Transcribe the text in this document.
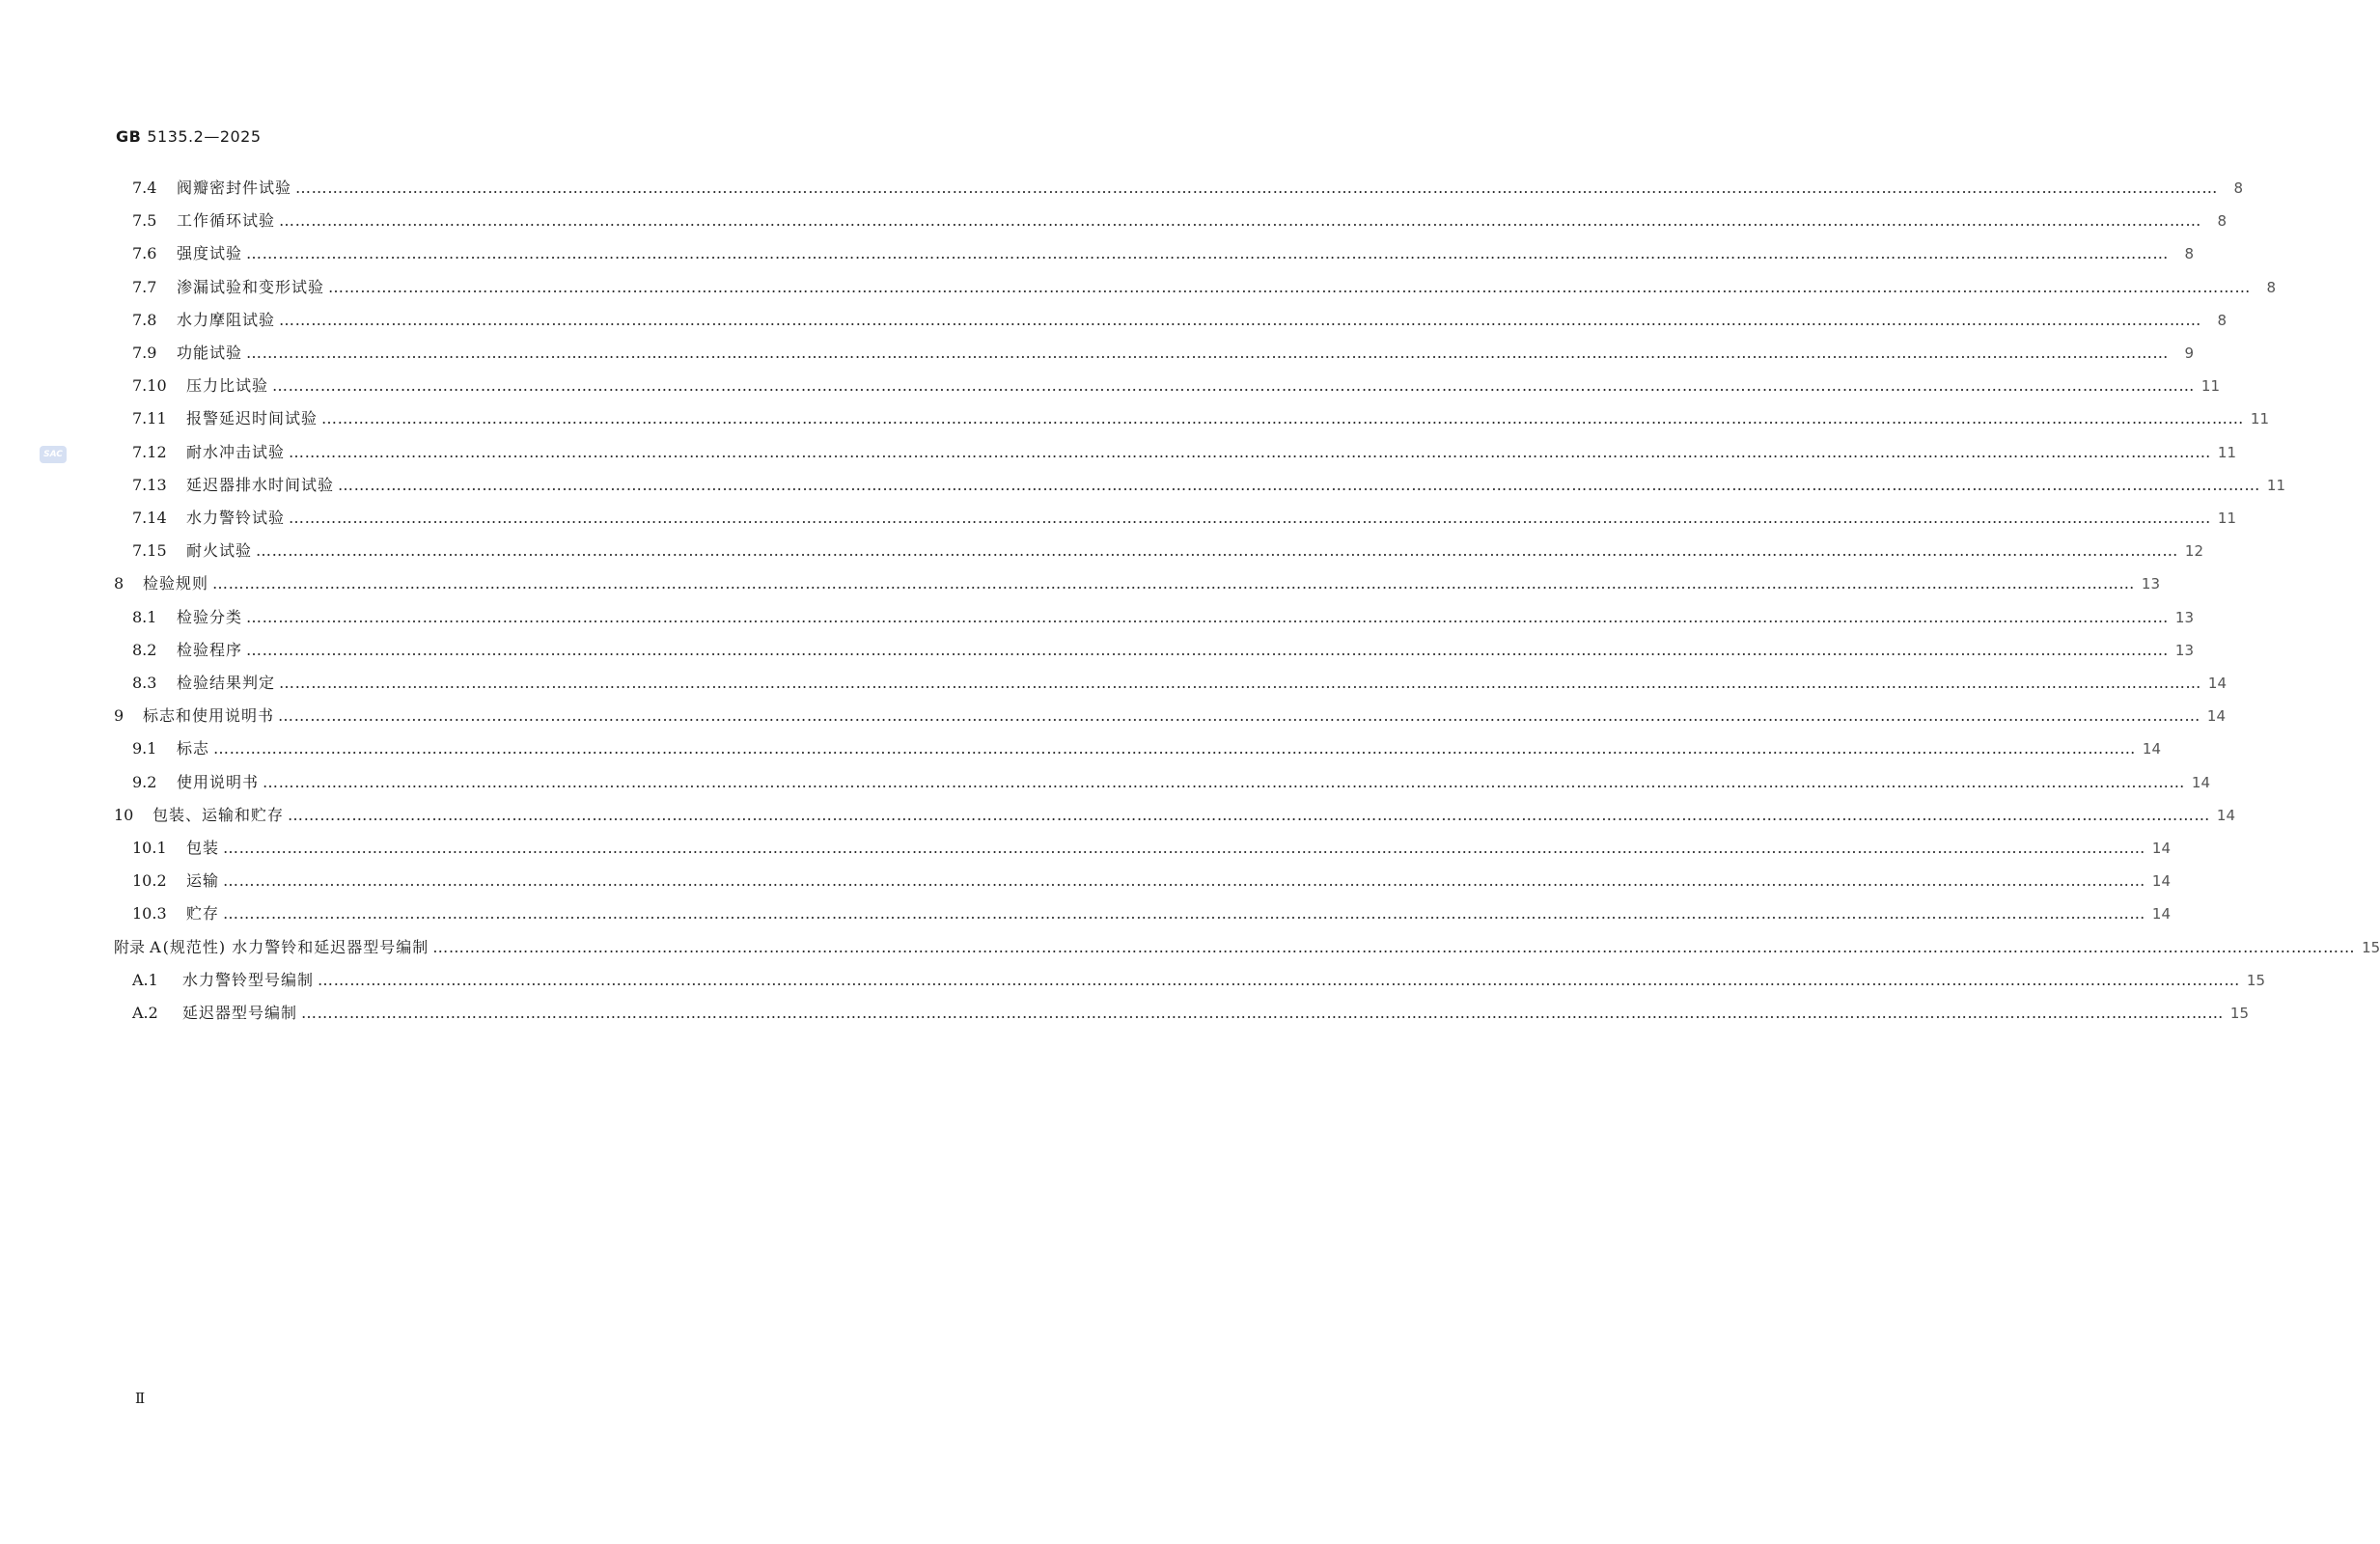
GB 5135.2—2025
SAC
7.4	阀瓣密封件试验 ………………………………………………………………………………………………………………………………………………………………………………………………………………………………………………………………………………………………………………………………	8
7.5	工作循环试验 ………………………………………………………………………………………………………………………………………………………………………………………………………………………………………………………………………………………………………………………………	8
7.6	强度试验 ………………………………………………………………………………………………………………………………………………………………………………………………………………………………………………………………………………………………………………………………	8
7.7	渗漏试验和变形试验 ………………………………………………………………………………………………………………………………………………………………………………………………………………………………………………………………………………………………………………………………	8
7.8	水力摩阻试验 ………………………………………………………………………………………………………………………………………………………………………………………………………………………………………………………………………………………………………………………………	8
7.9	功能试验 ………………………………………………………………………………………………………………………………………………………………………………………………………………………………………………………………………………………………………………………………	9
7.10	压力比试验 ……………………………………………………………………………………………………………………………………………………………………………………………………………………………………………………………………………………………………………………………… 11
7.11	报警延迟时间试验 ……………………………………………………………………………………………………………………………………………………………………………………………………………………………………………………………………………………………………………………………… 11
7.12	耐水冲击试验 ……………………………………………………………………………………………………………………………………………………………………………………………………………………………………………………………………………………………………………………………… 11
7.13	延迟器排水时间试验 ……………………………………………………………………………………………………………………………………………………………………………………………………………………………………………………………………………………………………………………………… 11
7.14	水力警铃试验 ……………………………………………………………………………………………………………………………………………………………………………………………………………………………………………………………………………………………………………………………… 11
7.15	耐火试验 ……………………………………………………………………………………………………………………………………………………………………………………………………………………………………………………………………………………………………………………………… 12
8	检验规则 ……………………………………………………………………………………………………………………………………………………………………………………………………………………………………………………………………………………………………………………………… 13
8.1	检验分类 ……………………………………………………………………………………………………………………………………………………………………………………………………………………………………………………………………………………………………………………………… 13
8.2	检验程序 ……………………………………………………………………………………………………………………………………………………………………………………………………………………………………………………………………………………………………………………………… 13
8.3	检验结果判定 ……………………………………………………………………………………………………………………………………………………………………………………………………………………………………………………………………………………………………………………………… 14
9	标志和使用说明书 ……………………………………………………………………………………………………………………………………………………………………………………………………………………………………………………………………………………………………………………………… 14
9.1	标志 ……………………………………………………………………………………………………………………………………………………………………………………………………………………………………………………………………………………………………………………………… 14
9.2	使用说明书 ……………………………………………………………………………………………………………………………………………………………………………………………………………………………………………………………………………………………………………………………… 14
10	包装、运输和贮存 ……………………………………………………………………………………………………………………………………………………………………………………………………………………………………………………………………………………………………………………………… 14
10.1	包装 ……………………………………………………………………………………………………………………………………………………………………………………………………………………………………………………………………………………………………………………………… 14
10.2	运输 ……………………………………………………………………………………………………………………………………………………………………………………………………………………………………………………………………………………………………………………………… 14
10.3	贮存 ……………………………………………………………………………………………………………………………………………………………………………………………………………………………………………………………………………………………………………………………… 14
附录 A (规范性) 水力警铃和延迟器型号编制 ……………………………………………………………………………………………………………………………………………………………………………………………………………………………………………………………………………………………………………………………… 15
A.1	水力警铃型号编制 ……………………………………………………………………………………………………………………………………………………………………………………………………………………………………………………………………………………………………………………………… 15
A.2	延迟器型号编制 ……………………………………………………………………………………………………………………………………………………………………………………………………………………………………………………………………………………………………………………………… 15
Ⅱ
